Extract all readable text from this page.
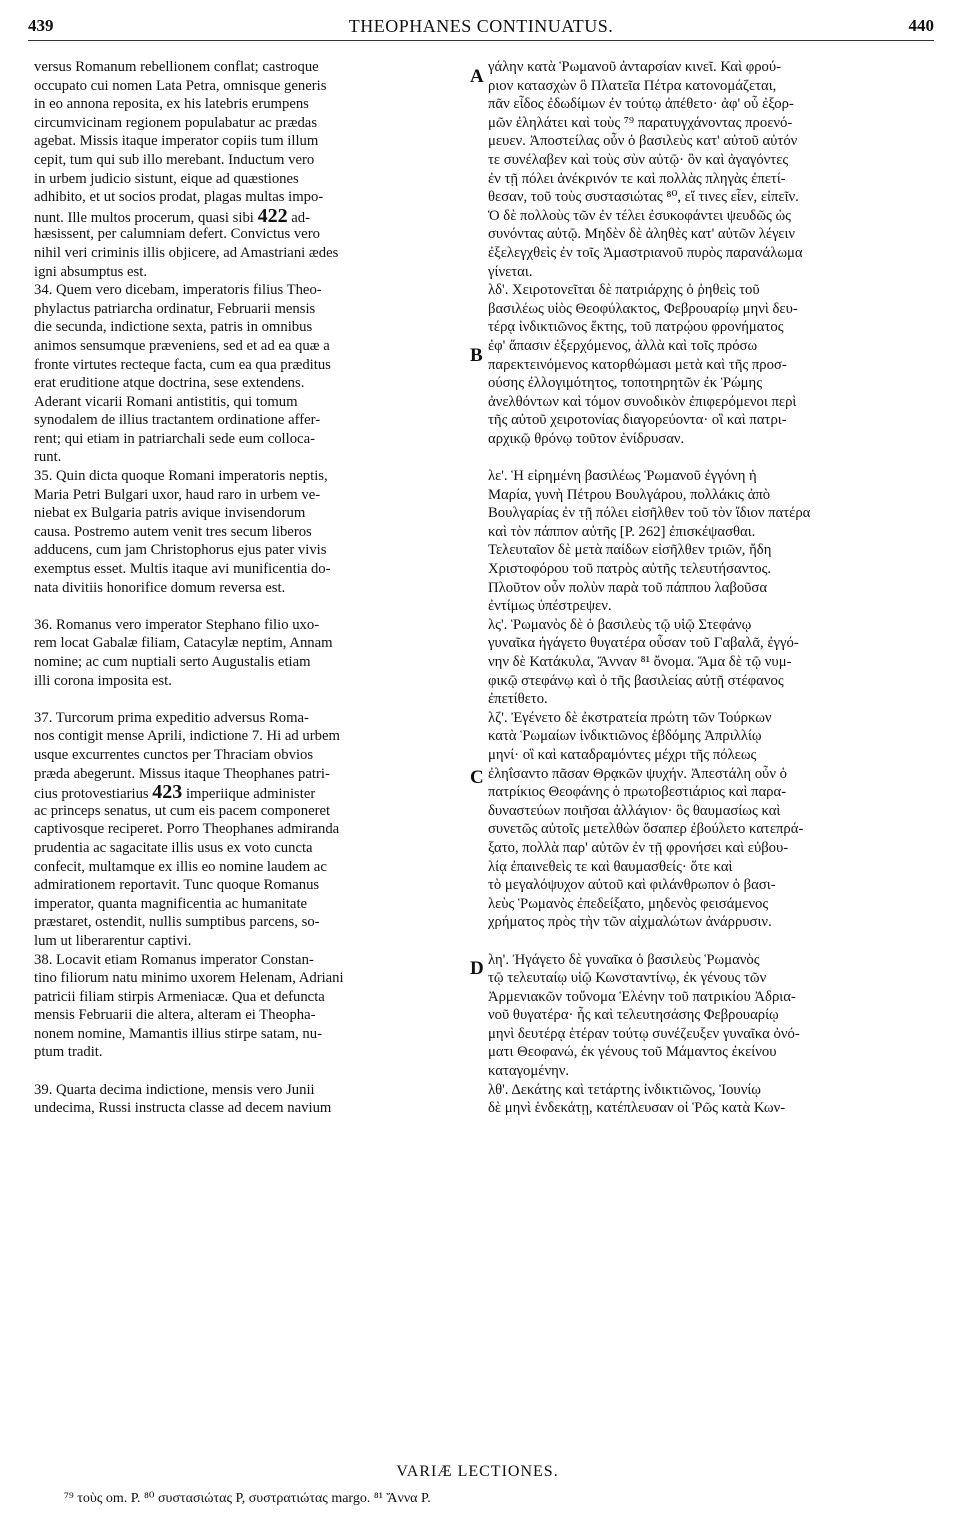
439	THEOPHANES CONTINUATUS.	440
versus Romanum rebellionem conflat; castroque
occupato cui nomen Lata Petra, omnisque generis
in eo annona reposita, ex his latebris erumpens
circumvicinam regionem populabatur ac prædas
agebat. Missis itaque imperator copiis tum illum
cepit, tum qui sub illo merebant. Inductum vero
in urbem judicio sistunt, eique ad quæstiones
adhibito, et ut socios prodat, plagas multas impo-
nunt. Ille multos procerum, quasi sibi 422 ad-
hæsissent, per calumniam defert. Convictus vero
nihil veri criminis illis objicere, ad Amastriani ædes
igni absumptus est.
34. Quem vero dicebam, imperatoris filius Theo-
phylactus patriarcha ordinatur, Februarii mensis
die secunda, indictione sexta, patris in omnibus
animos sensumque præveniens, sed et ad ea quæ a
fronte virtutes recteque facta, cum ea qua præditus
erat eruditione atque doctrina, sese extendens.
Aderant vicarii Romani antistitis, qui tomum
synodalem de illius tractantem ordinatione affer-
rent; qui etiam in patriarchali sede eum colloca-
runt.
35. Quin dicta quoque Romani imperatoris neptis,
Maria Petri Bulgari uxor, haud raro in urbem ve-
niebat ex Bulgaria patris avique invisendorum
causa. Postremo autem venit tres secum liberos
adducens, cum jam Christophorus ejus pater vivis
exemptus esset. Multis itaque avi munificentia do-
nata divitiis honorifice domum reversa est.
36. Romanus vero imperator Stephano filio uxo-
rem locat Gabalæ filiam, Catacylæ neptim, Annam
nomine; ac cum nuptiali serto Augustalis etiam
illi corona imposita est.
37. Turcorum prima expeditio adversus Roma-
nos contigit mense Aprili, indictione 7. Hi ad urbem
usque excurrentes cunctos per Thraciam obvios
præda abegerunt. Missus itaque Theophanes patri-
cius protovestiarius 423 imperiique administer
ac princeps senatus, ut cum eis pacem componeret
captivosque reciperet. Porro Theophanes admiranda
prudentia ac sagacitate illis usus ex voto cuncta
confecit, multamque ex illis eo nomine laudem ac
admirationem reportavit. Tunc quoque Romanus
imperator, quanta magnificentia ac humanitate
præstaret, ostendit, nullis sumptibus parcens, so-
lum ut liberarentur captivi.
38. Locavit etiam Romanus imperator Constan-
tino filiorum natu minimo uxorem Helenam, Adriani
patricii filiam stirpis Armeniacæ. Qua et defuncta
mensis Februarii die altera, alteram ei Theopha-
nonem nomine, Mamantis illius stirpe satam, nu-
ptum tradit.
39. Quarta decima indictione, mensis vero Junii
undecima, Russi instructa classe ad decem navium
γάλην κατὰ Ῥωμανοῦ ἀνταρσίαν κινεῖ. Καὶ φρού-
ριον κατασχὼν ὃ Πλατεῖα Πέτρα κατονομάζεται,
πᾶν εἶδος ἐδωδίμων ἐν τούτῳ ἀπέθετο· ἀφ' οὗ ἐξορ-
μῶν ἐληλάτει καὶ τοὺς ⁷⁹ παρατυγχάνοντας προενό-
μευεν. Ἀποστείλας οὖν ὁ βασιλεὺς κατ' αὐτοῦ αὐτόν
τε συνέλαβεν καὶ τοὺς σὺν αὐτῷ· ὃν καὶ ἀγαγόντες
ἐν τῇ πόλει ἀνέκρινόν τε καὶ πολλὰς πληγὰς ἐπετί-
θεσαν, τοῦ τοὺς συστασιώτας ⁸⁰, εἴ τινες εἶεν, εἰπεῖν.
Ὁ δὲ πολλοὺς τῶν ἐν τέλει ἐσυκοφάντει ψευδῶς ὡς
συνόντας αὐτῷ. Μηδὲν δὲ ἀληθὲς κατ' αὐτῶν λέγειν
ἐξελεγχθεὶς ἐν τοῖς Ἀμαστριανοῦ πυρὸς παρανάλωμα
γίνεται.
λδ'. Χειροτονεῖται δὲ πατριάρχης ὁ ῥηθεὶς τοῦ
βασιλέως υἱὸς Θεοφύλακτος, Φεβρουαρίῳ μηνὶ δευ-
τέρᾳ ἰνδικτιῶνος ἕκτης, τοῦ πατρῴου φρονήματος
ἐφ' ἅπασιν ἐξερχόμενος, ἀλλὰ καὶ τοῖς πρόσω
παρεκτεινόμενος κατορθώμασι μετὰ καὶ τῆς προσ-
ούσης ἐλλογιμότητος, τοποτηρητῶν ἐκ Ῥώμης
ἀνελθόντων καὶ τόμον συνοδικὸν ἐπιφερόμενοι περὶ
τῆς αὐτοῦ χειροτονίας διαγορεύοντα· οἳ καὶ πατρι-
αρχικῷ θρόνῳ τοῦτον ἐνίδρυσαν.
λε'. Ἡ εἰρημένη βασιλέως Ῥωμανοῦ ἐγγόνη ἡ
Μαρία, γυνὴ Πέτρου Βουλγάρου, πολλάκις ἀπὸ
Βουλγαρίας ἐν τῇ πόλει εἰσῆλθεν τοῦ τὸν ἴδιον πατέρα
καὶ τὸν πάππον αὐτῆς [P. 262] ἐπισκέψασθαι.
Τελευταῖον δὲ μετὰ παίδων εἰσῆλθεν τριῶν, ἤδη
Χριστοφόρου τοῦ πατρὸς αὐτῆς τελευτήσαντος.
Πλοῦτον οὖν πολὺν παρὰ τοῦ πάππου λαβοῦσα
ἐντίμως ὑπέστρεψεν.
λς'. Ῥωμανὸς δὲ ὁ βασιλεὺς τῷ υἱῷ Στεφάνῳ
γυναῖκα ἠγάγετο θυγατέρα οὖσαν τοῦ Γαβαλᾶ, ἐγγό-
νην δὲ Κατάκυλα, Ἄνναν ⁸¹ ὄνομα. Ἅμα δὲ τῷ νυμ-
φικῷ στεφάνῳ καὶ ὁ τῆς βασιλείας αὐτῇ στέφανος
ἐπετίθετο.
λζ'. Ἐγένετο δὲ ἐκστρατεία πρώτη τῶν Τούρκων
κατὰ Ῥωμαίων ἰνδικτιῶνος ἑβδόμης Ἀπριλλίῳ
μηνί· οἳ καὶ καταδραμόντες μέχρι τῆς πόλεως
ἐληΐσαντο πᾶσαν Θρᾳκῶν ψυχήν. Ἀπεστάλη οὖν ὁ
πατρίκιος Θεοφάνης ὁ πρωτοβεστιάριος καὶ παρα-
δυναστεύων ποιῆσαι ἀλλάγιον· ὃς θαυμασίως καὶ
συνετῶς αὐτοῖς μετελθὼν ὅσαπερ ἐβούλετο κατεπρά-
ξατο, πολλὰ παρ' αὐτῶν ἐν τῇ φρονήσει καὶ εὐβου-
λίᾳ ἐπαινεθεὶς τε καὶ θαυμασθείς· ὅτε καὶ
τὸ μεγαλόψυχον αὐτοῦ καὶ φιλάνθρωπον ὁ βασι-
λεὺς Ῥωμανὸς ἐπεδείξατο, μηδενὸς φεισάμενος
χρήματος πρὸς τὴν τῶν αἰχμαλώτων ἀνάρρυσιν.
λη'. Ἠγάγετο δὲ γυναῖκα ὁ βασιλεὺς Ῥωμανὸς
τῷ τελευταίῳ υἱῷ Κωνσταντίνῳ, ἐκ γένους τῶν
Ἀρμενιακῶν τοὔνομα Ἑλένην τοῦ πατρικίου Ἀδρια-
νοῦ θυγατέρα· ἧς καὶ τελευτησάσης Φεβρουαρίῳ
μηνὶ δευτέρᾳ ἑτέραν τούτῳ συνέζευξεν γυναῖκα ὀνό-
ματι Θεοφανώ, ἐκ γένους τοῦ Μάμαντος ἐκείνου
καταγομένην.
λθ'. Δεκάτης καὶ τετάρτης ἰνδικτιῶνος, Ἰουνίῳ
δὲ μηνὶ ἑνδεκάτῃ, κατέπλευσαν οἱ Ῥῶς κατὰ Κων-
A
B
C
D
VARIÆ LECTIONES.
⁷⁹ τοὺς om. P. ⁸⁰ συστασιώτας P, συστρατιώτας margo. ⁸¹ Ἄννα P.
